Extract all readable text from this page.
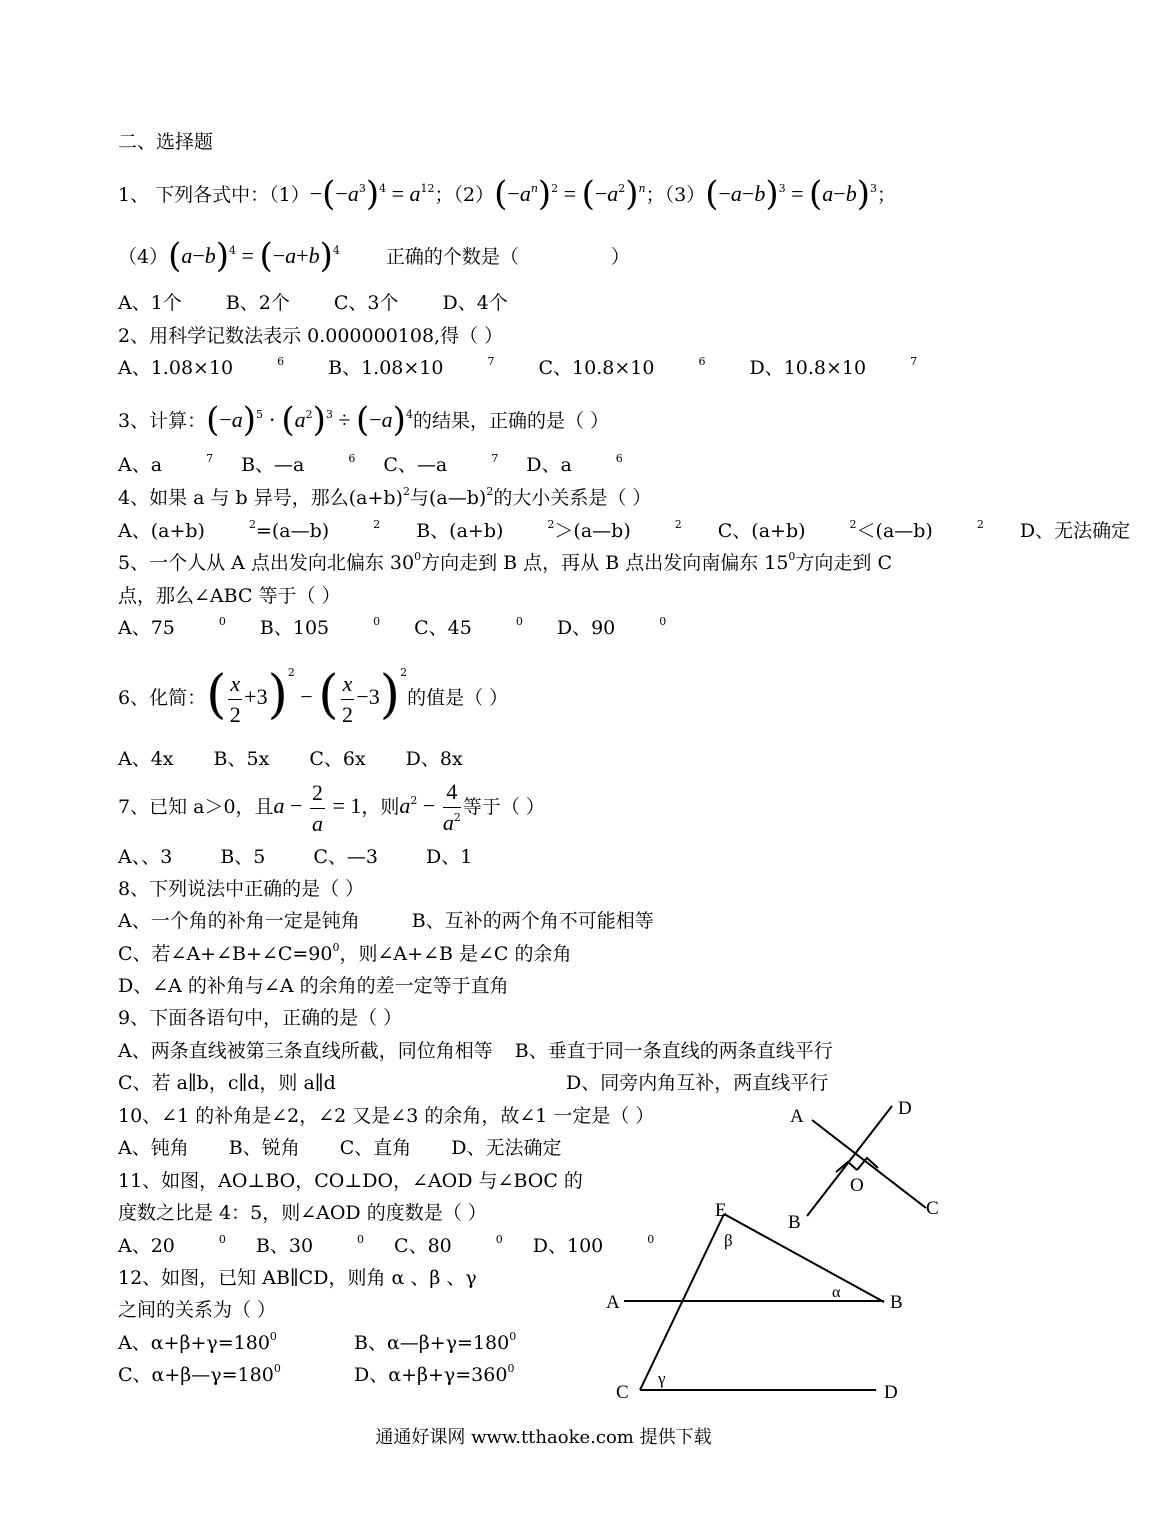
二、选择题
1、 下列各式中：$(1)-(-a^3)^4 = a^{12}$；$(2)(-a^n)^2 = (-a^2)^n$；$(3)(-a-b)^3 = (a-b)^3$；
$(4)(a-b)^4 = (-a+b)^4$ 正确的个数是（	）
A、1个 B、2个 C、3个 D、4个
2、用科学记数法表示 0.000000108,得（ ）
A、1.08×10	$^6$ B、1.08×10	$^7$ C、10.8×10	$^6$ D、10.8×10	$^7$
3、计算：$(-a)^5 \cdot (a^2)^3 \div (-a)^4$的结果，正确的是（ ）
A、a	$^7$ B、—a	$^6$ C、—a	$^7$ D、a	$^6$
4、如果 a 与 b 异号，那么$(a+b)^2$与(a—b)$^2$的大小关系是（ ）
A、(a+b)	$^2$=(a—b)	$^2$ B、(a+b)	$^2$＞(a—b)	$^2$ C、(a+b)	$^2$＜(a—b)	$^2$ D、无法确定
5、一个人从 A 点出发向北偏东 $30^0$方向走到 B 点，再从 B 点出发向南偏东 $15^0$方向走到 C
点，那么∠ABC 等于（ ）
A、75	$^0$ B、105	$^0$ C、45	$^0$ D、90	$^0$
6、化简：( $\frac{x}{2} +3)^2$ − ( $\frac{x}{2} -3)^2$的值是（ ）
A、4x B、5x C、6x D、8x
7、已知 a＞0，且$a - \frac{2}{a} = 1$，则$a^2 - \frac{4}{a^2}$ 等于（ ）
A、、3	B、5	C、—3	D、1
8、下列说法中正确的是（ ）
A、一个角的补角一定是钝角	B、互补的两个角不可能相等
C、若$\angle A+\angle B+\angle C=90^0$，则∠A+∠B 是∠C 的余角
D、∠A 的补角与∠A 的余角的差一定等于直角
9、下面各语句中，正确的是（ ）
A、两条直线被第三条直线所截，同位角相等 B、垂直于同一条直线的两条直线平行
C、若 a∥b，c∥d，则 a∥d	D、同旁内角互补，两直线平行
10、∠1 的补角是∠2，∠2 又是∠3 的余角，故∠1 一定是（ ）
A、钝角 B、锐角 C、直角 D、无法确定
11、如图，AO⊥BO，CO⊥DO，∠AOD 与∠BOC 的
度数之比是 4：5，则∠AOD 的度数是（ ）
A、20	$^0$ B、30	$^0$ C、80	$^0$ D、100	$^0$
12、如图，已知 AB∥CD，则角 α 、β 、γ
之间的关系为（ ）
A、$\alpha+\beta+\gamma=180^0$	B、$\alpha—\beta+\gamma=180^0$
C、$\alpha+\beta—\gamma=180^0$	D、$\alpha+\beta+\gamma=360^0$
A	D
O
B
C
E
β
A	α	B
γ
C	D
通通好课网 www.tthaoke.com 提供下载
